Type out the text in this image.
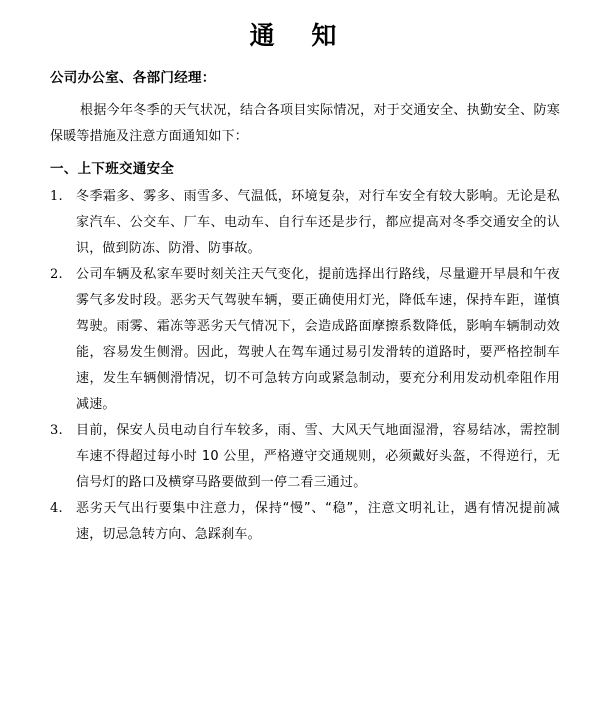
通 知
公司办公室、各部门经理：
根据今年冬季的天气状况，结合各项目实际情况，对于交通安全、执勤安全、防寒保暖等措施及注意方面通知如下：
一、上下班交通安全
1.	冬季霜多、雾多、雨雪多、气温低，环境复杂，对行车安全有较大影响。无论是私家汽车、公交车、厂车、电动车、自行车还是步行，都应提高对冬季交通安全的认识，做到防冻、防滑、防事故。
2.	公司车辆及私家车要时刻关注天气变化，提前选择出行路线，尽量避开早晨和午夜雾气多发时段。恶劣天气驾驶车辆，要正确使用灯光，降低车速，保持车距，谨慎驾驶。雨雾、霜冻等恶劣天气情况下，会造成路面摩擦系数降低，影响车辆制动效能，容易发生侧滑。因此，驾驶人在驾车通过易引发滑转的道路时，要严格控制车速，发生车辆侧滑情况，切不可急转方向或紧急制动，要充分利用发动机牵阻作用减速。
3.	目前，保安人员电动自行车较多，雨、雪、大风天气地面湿滑，容易结冰，需控制车速不得超过每小时 10 公里，严格遵守交通规则，必须戴好头盔，不得逆行，无信号灯的路口及横穿马路要做到一停二看三通过。
4.	恶劣天气出行要集中注意力，保持“慢”、“稳”，注意文明礼让，遇有情况提前减速，切忌急转方向、急踩刹车。
